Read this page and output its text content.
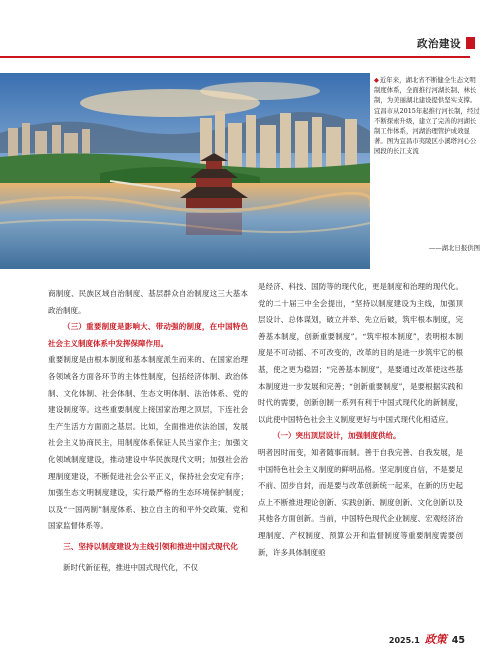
政治建设
◆近年来，湖北省不断健全生态文明制度体系，全面推行河湖长制、林长制，为美丽湖北建设提供坚实支撑。宜昌市从2015年起推行河长制，经过不断探索升级，建立了完善的河湖长制工作体系，河湖治理管护成效显著。图为宜昌市夷陵区小溪塔河心公园段的长江支流
——湖北日报供图

商制度、民族区域自治制度、基层群众自治制度这三大基本政治制度。

（三）重要制度是影响大、带动强的制度，在中国特色社会主义制度体系中发挥保障作用。

重要制度是由根本制度和基本制度派生而来的、在国家治理各领域各方面各环节的主体性制度，包括经济体制、政治体制、文化体制、社会体制、生态文明体制、法治体系、党的建设制度等。这些重要制度上接国家治理之顶层，下连社会生产生活方方面面之基层。比如，全面推进依法治国，发展社会主义协商民主，用制度体系保证人民当家作主；加强文化领域制度建设，推动建设中华民族现代文明；加强社会治理制度建设，不断促进社会公平正义，保持社会安定有序；加强生态文明制度建设，实行最严格的生态环境保护制度；以及“一国两制”制度体系、独立自主的和平外交政策、党和国家监督体系等。

三、坚持以制度建设为主线引领和推进中国式现代化

新时代新征程，推进中国式现代化，不仅

是经济、科技、国防等的现代化，更是制度和治理的现代化。党的二十届三中全会提出，“坚持以制度建设为主线，加强顶层设计、总体谋划，破立并举、先立后破，筑牢根本制度，完善基本制度，创新重要制度”。“筑牢根本制度”，表明根本制度是不可动摇、不可改变的，改革的目的是进一步筑牢它的根基，使之更为稳固；“完善基本制度”，是要通过改革使这些基本制度进一步发展和完善；“创新重要制度”，是要根据实践和时代的需要，创新创制一系列有利于中国式现代化的新制度，以此使中国特色社会主义制度更好与中国式现代化相适应。

（一）突出顶层设计，加强制度供给。

明者因时而变，知者随事而制。善于自我完善、自我发展，是中国特色社会主义制度的鲜明品格。坚定制度自信，不是要足不前、固步自封，而是要与改革创新统一起来，在新的历史起点上不断推进理论创新、实践创新、制度创新、文化创新以及其他各方面创新。当前，中国特色现代企业制度、宏观经济治理制度、产权制度、预算公开和监督制度等重要制度需要创新，许多具体制度亟

2025.1 政策 45
